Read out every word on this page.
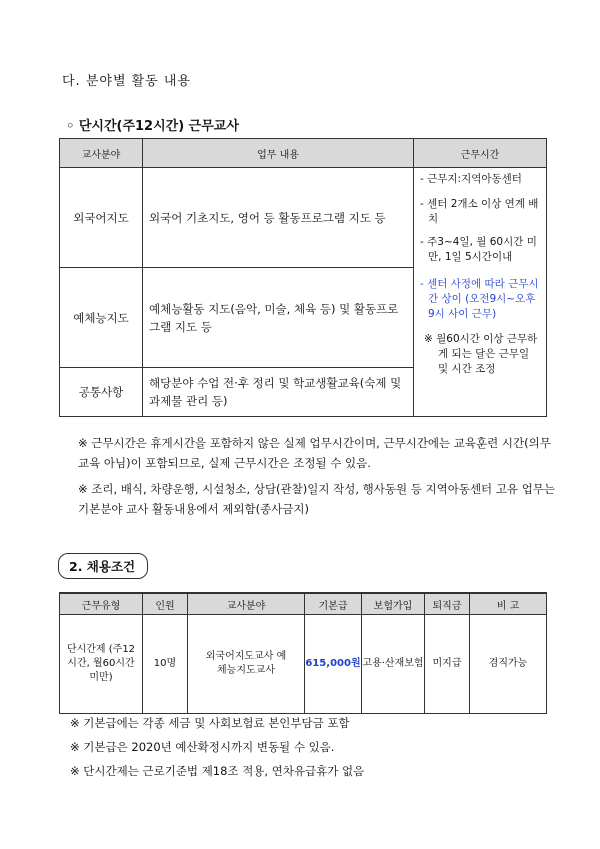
다. 분야별 활동 내용
◦ 단시간(주12시간) 근무교사
교사분야	업무 내용	근무시간
외국어지도	외국어 기초지도, 영어 등 활동프로그램 지도 등	- 근무지:지역아동센터
- 센터 2개소 이상 연계 배치
- 주3~4일, 월 60시간 미만, 1일 5시간이내
- 센터 사정에 따라 근무시간 상이 (오전9시~오후9시 사이 근무)
※ 월60시간 이상 근무하게 되는 달은 근무일 및 시간 조정

예체능지도	예체능활동 지도(음악, 미술, 체육 등) 및 활동프로그램 지도 등	
공통사항	해당분야 수업 전·후 정리 및 학교생활교육(숙제 및 과제물 관리 등)	
※ 근무시간은 휴게시간을 포함하지 않은 실제 업무시간이며, 근무시간에는 교육훈련 시간(의무교육 아님)이 포함되므로, 실제 근무시간은 조정될 수 있음.
※ 조리, 배식, 차량운행, 시설청소, 상담(관찰)일지 작성, 행사동원 등 지역아동센터 고유 업무는 기본분야 교사 활동내용에서 제외함(종사금지)
2. 채용조건
근무유형	인원	교사분야	기본급	보험가입	퇴직금	비 고
단시간제 (주12시간, 월60시간미만)	10명	외국어지도교사 예체능지도교사	615,000원	고용·산재보험	미지급	겸직가능
※ 기본급에는 각종 세금 및 사회보험료 본인부담금 포함
※ 기본급은 2020년 예산확정시까지 변동될 수 있음.
※ 단시간제는 근로기준법 제18조 적용, 연차유급휴가 없음
